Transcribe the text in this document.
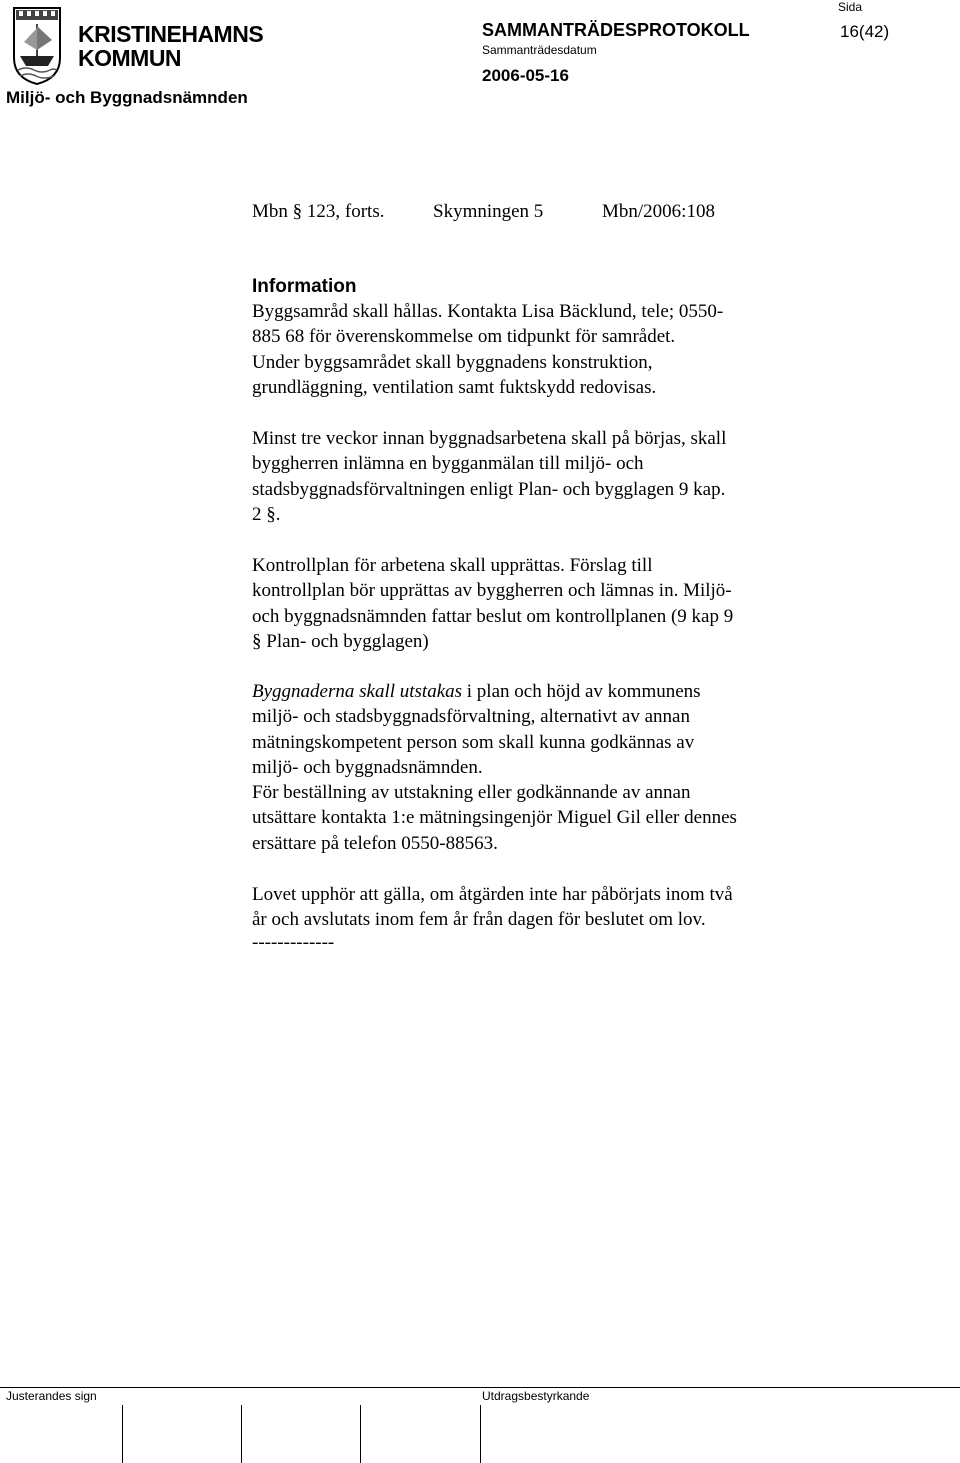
KRISTINEHAMNS
KOMMUN
Miljö- och Byggnadsnämnden
SAMMANTRÄDESPROTOKOLL
Sammanträdesdatum
2006-05-16
Sida
16(42)
Mbn § 123, forts.	Skymningen 5	Mbn/2006:108
Information
Byggsamråd skall hållas. Kontakta Lisa Bäcklund, tele; 0550-
885 68 för överenskommelse om tidpunkt för samrådet.
Under byggsamrådet skall byggnadens konstruktion,
grundläggning, ventilation samt fuktskydd redovisas.
Minst tre veckor innan byggnadsarbetena skall på börjas, skall
byggherren inlämna en bygganmälan till miljö- och
stadsbyggnadsförvaltningen enligt Plan- och bygglagen 9 kap.
2 §.
Kontrollplan för arbetena skall upprättas. Förslag till
kontrollplan bör upprättas av byggherren och lämnas in. Miljö-
och byggnadsnämnden fattar beslut om kontrollplanen (9 kap 9
§ Plan- och bygglagen)
Byggnaderna skall utstakas i plan och höjd av kommunens
miljö- och stadsbyggnadsförvaltning, alternativt av annan
mätningskompetent person som skall kunna godkännas av
miljö- och byggnadsnämnden.
För beställning av utstakning eller godkännande av annan
utsättare kontakta 1:e mätningsingenjör Miguel Gil eller dennes
ersättare på telefon 0550-88563.
Lovet upphör att gälla, om åtgärden inte har påbörjats inom två
år och avslutats inom fem år från dagen för beslutet om lov.
-------------
Justerandes sign	Utdragsbestyrkande
